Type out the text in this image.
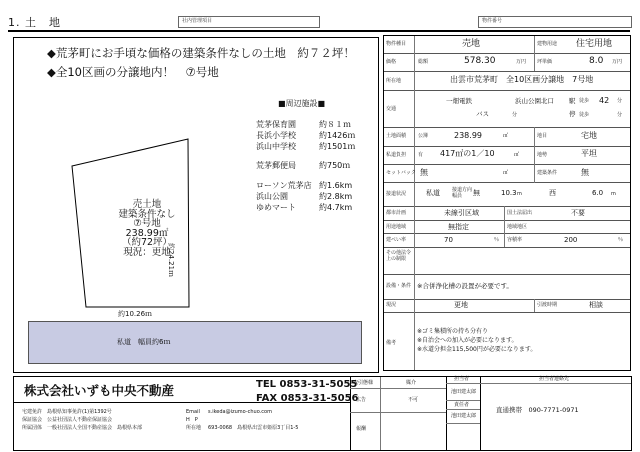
1. 土　地	社内管理項目	物件番号
◆荒茅町にお手頃な価格の建築条件なしの土地　約７２坪！
◆全10区画の分譲地内！　⑦号地
■周辺施設■
荒茅保育園	約８１ｍ
長浜小学校	約1426ｍ
浜山中学校	約1501ｍ
荒茅郵便局	約750ｍ
ローソン荒茅店 約1.6km
浜山公園	約2.8km
ゆめマート	約4.7km
売土地
建築条件なし
⑦号地
238.99㎡
（約72坪）
現況：更地
約24.21ｍ
約10.26ｍ
私道　幅員約6ｍ
物件種目	売地	建物用途 住宅用地
価格	総額	578.30	万円 坪単価	8.0 万円
所在地	出雲市荒茅町　全10区画分譲地　7号地
交通
一畑電鉄	浜山公園北口 駅 徒歩 42 分
バス	分	停 徒歩	分
土地面積 公簿	238.99	㎡	地目	宅地
私道負担 有 417㎡の1／10	㎡	地勢	平坦
セットバック 無	㎡	建築条件	無
接道状況	私道 接道方向
幅員 無	10.3 m	西	6.0 m
都市計画	未線引区域	国土法届出	不要
用途地域	無指定	地域地区
建ぺい率	70	％ 容積率	200	％
その他法令上の制限
設備・条件 ※合併浄化槽の設置が必要です。
現況	更地	引渡時期	相談
備考
※ゴミ集積所の持ち分有り
※自治会への加入が必要になります。
※水道分担金115,500円が必要になります。
株式会社いずも中央不動産	TEL 0853-31-5055
FAX 0853-31-5056
宅建免許　島根県知事免許(1)第1392号
保証協会　公益社団法人不動産保証協会
所属団体　一般社団法人全国不動産協会　島根県本部
Email s.ikeda@izumo-chuo.com
H　P
所在地 693-0068　島根県出雲市姫原3丁目1-5
取引態様	媒介
広告	不可
報酬
担当者
池田建太郎
責任者
池田建太郎
担当者連絡先
直通携帯　090-7771-0971
